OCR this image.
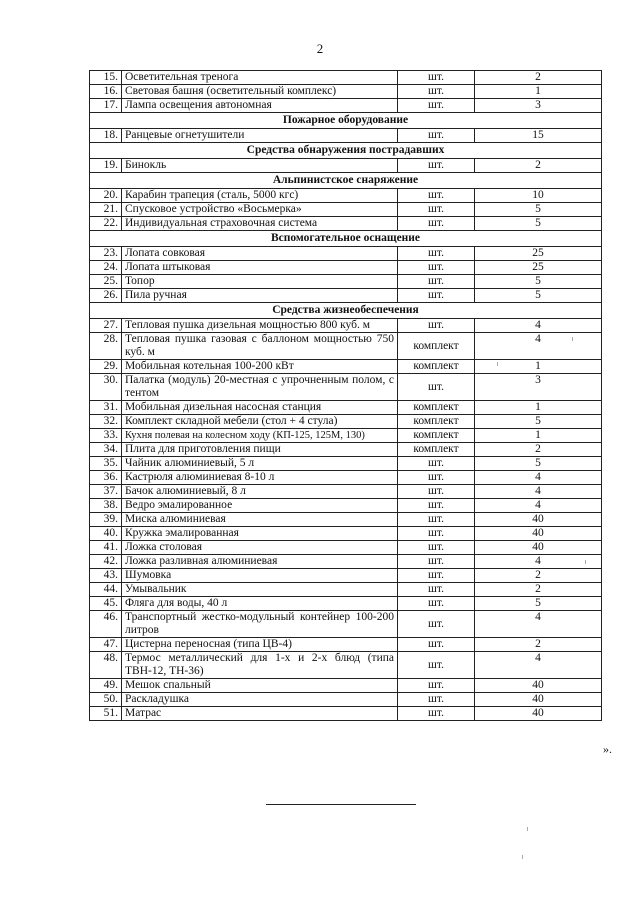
2
15.	Осветительная тренога	шт.	2
16.	Световая башня (осветительный комплекс)	шт.	1
17.	Лампа освещения автономная	шт.	3
Пожарное оборудование			
18.	Ранцевые огнетушители	шт.	15
Средства обнаружения пострадавших			
19.	Бинокль	шт.	2
Альпинистское снаряжение			
20.	Карабин трапеция (сталь, 5000 кгс)	шт.	10
21.	Спусковое устройство «Восьмерка»	шт.	5
22.	Индивидуальная страховочная система	шт.	5
Вспомогательное оснащение			
23.	Лопата совковая	шт.	25
24.	Лопата штыковая	шт.	25
25.	Топор	шт.	5
26.	Пила ручная	шт.	5
Средства жизнеобеспечения			
27.	Тепловая пушка дизельная мощностью 800 куб. м	шт.	4
28.	Тепловая пушка газовая с баллоном мощностью 750 куб. м	комплект	4
29.	Мобильная котельная 100-200 кВт	комплект	1
30.	Палатка (модуль) 20-местная с упрочненным полом, с тентом	шт.	3
31.	Мобильная дизельная насосная станция	комплект	1
32.	Комплект складной мебели (стол + 4 стула)	комплект	5
33.	Кухня полевая на колесном ходу (КП-125, 125М, 130)	комплект	1
34.	Плита для приготовления пищи	комплект	2
35.	Чайник алюминиевый, 5 л	шт.	5
36.	Кастрюля алюминиевая 8-10 л	шт.	4
37.	Бачок алюминиевый, 8 л	шт.	4
38.	Ведро эмалированное	шт.	4
39.	Миска алюминиевая	шт.	40
40.	Кружка эмалированная	шт.	40
41.	Ложка столовая	шт.	40
42.	Ложка разливная алюминиевая	шт.	4
43.	Шумовка	шт.	2
44.	Умывальник	шт.	2
45.	Фляга для воды, 40 л	шт.	5
46.	Транспортный жестко-модульный контейнер 100-200 литров	шт.	4
47.	Цистерна переносная (типа ЦВ-4)	шт.	2
48.	Термос металлический для 1-х и 2-х блюд (типа ТВН-12, ТН-36)	шт.	4
49.	Мешок спальный	шт.	40
50.	Раскладушка	шт.	40
51.	Матрас	шт.	40
».
